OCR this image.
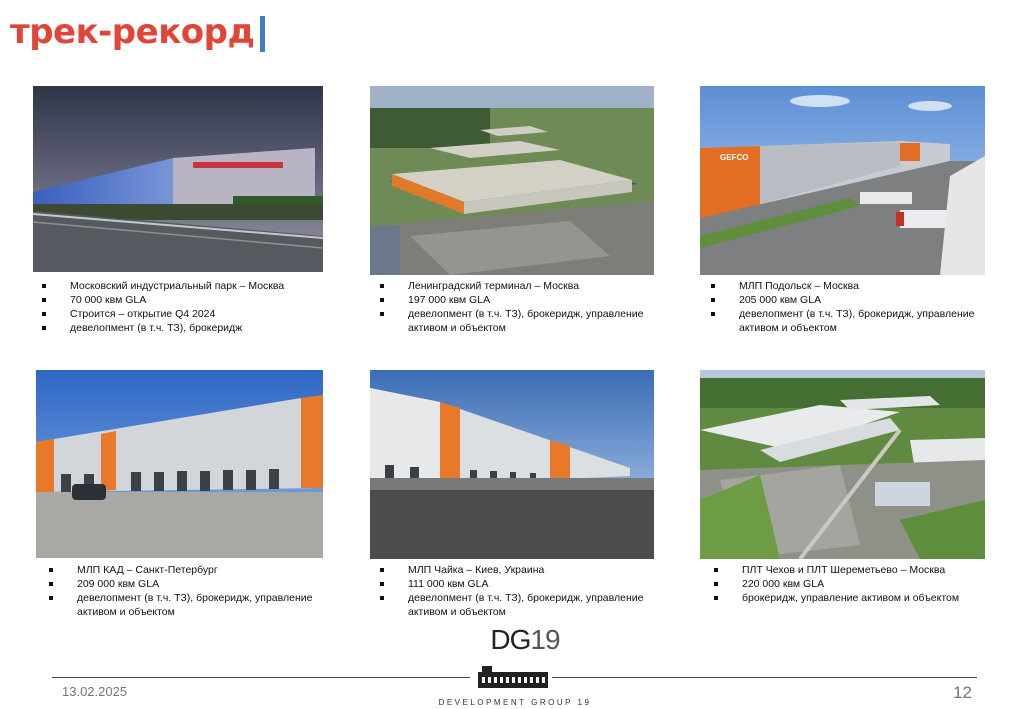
трек-рекорд
GEFCO
Московский индустриальный парк – Москва
70 000 квм GLA
Строится – открытие Q4 2024
девелопмент (в т.ч. ТЗ), брокеридж
Ленинградский терминал – Москва
197 000 квм GLA
девелопмент (в т.ч. ТЗ), брокеридж, управление активом и объектом
МЛП Подольск – Москва
205 000 квм GLA
девелопмент (в т.ч. ТЗ), брокеридж, управление активом и объектом
МЛП КАД – Санкт-Петербург
209 000 квм GLA
девелопмент (в т.ч. ТЗ), брокеридж, управление активом и объектом
МЛП Чайка – Киев, Украина
111 000 квм GLA
девелопмент (в т.ч. ТЗ), брокеридж, управление активом и объектом
ПЛТ Чехов и ПЛТ Шереметьево – Москва
220 000 квм GLA
брокеридж, управление активом и объектом
DG19
DEVELOPMENT GROUP 19
13.02.2025	12
